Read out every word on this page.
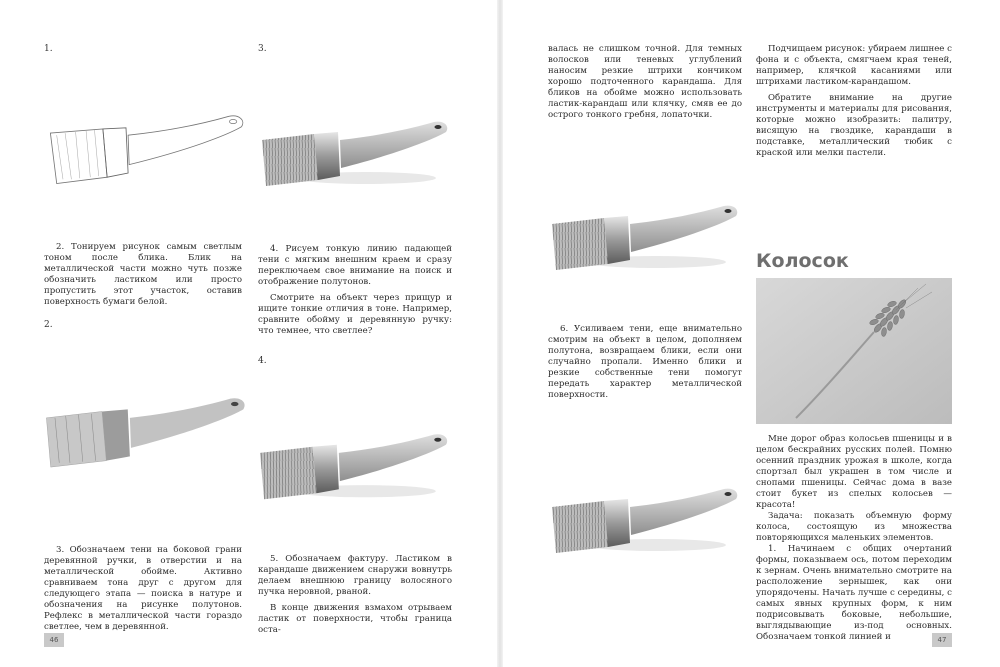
1.

2. Тонируем рисунок самым светлым тоном после блика. Блик на металлической части можно чуть позже обозначить ластиком или просто пропустить этот участок, оставив поверхность бумаги белой.

2.

3. Обозначаем тени на боковой грани деревянной ручки, в отверстии и на металлической обойме. Активно сравниваем тона друг с другом для следующего этапа — поиска в натуре и обозначения на рисунке полутонов. Рефлекс в металлической части гораздо светлее, чем в деревянной.

3.

4. Рисуем тонкую линию падающей тени с мягким внешним краем и сразу переключаем свое внимание на поиск и отображение полутонов.

Смотрите на объект через прищур и ищите тонкие отличия в тоне. Например, сравните обойму и деревянную ручку: что темнее, что светлее?

4.

5. Обозначаем фактуру. Ластиком в карандаше движением снаружи вовнутрь делаем внешнюю границу волосяного пучка неровной, рваной.

В конце движения взмахом отрываем ластик от поверхности, чтобы граница оста-

46

валась не слишком точной. Для темных волосков или теневых углублений наносим резкие штрихи кончиком хорошо подточенного карандаша. Для бликов на обойме можно использовать ластик-карандаш или клячку, смяв ее до острого тонкого гребня, лопаточки.

6. Усиливаем тени, еще внимательно смотрим на объект в целом, дополняем полутона, возвращаем блики, если они случайно пропали. Именно блики и резкие собственные тени помогут передать характер металлической поверхности.

Подчищаем рисунок: убираем лишнее с фона и с объекта, смягчаем края теней, например, клячкой касаниями или штрихами ластиком-карандашом.

Обратите внимание на другие инструменты и материалы для рисования, которые можно изобразить: палитру, висящую на гвоздике, карандаши в подставке, металлический тюбик с краской или мелки пастели.

Колосок

Мне дорог образ колосьев пшеницы и в целом бескрайних русских полей. Помню осенний праздник урожая в школе, когда спортзал был украшен в том числе и снопами пшеницы. Сейчас дома в вазе стоит букет из спелых колосьев — красота!

Задача: показать объемную форму колоса, состоящую из множества повторяющихся маленьких элементов.

1. Начинаем с общих очертаний формы, показываем ось, потом переходим к зернам. Очень внимательно смотрите на расположение зернышек, как они упорядочены. Начать лучше с середины, с самых явных крупных форм, к ним подрисовывать боковые, небольшие, выглядывающие из-под основных. Обозначаем тонкой линией и	47
